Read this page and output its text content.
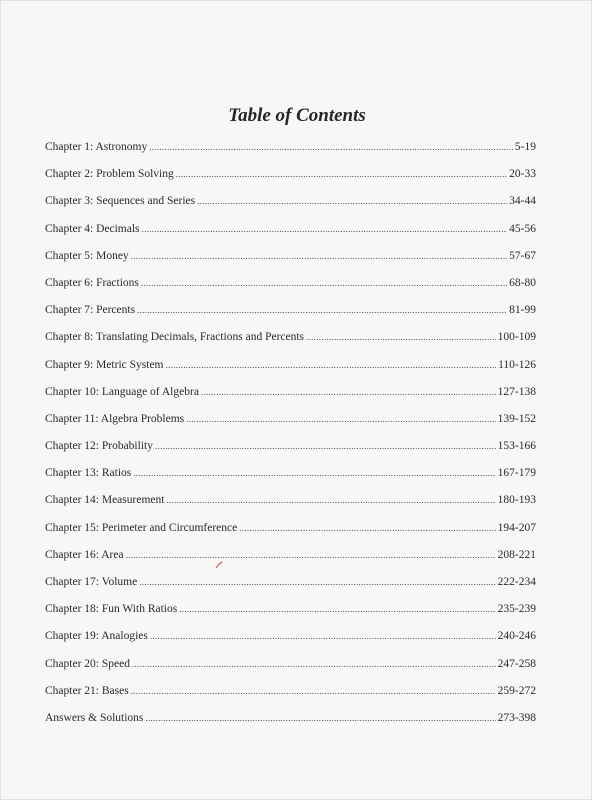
Table of Contents
Chapter 1: Astronomy .....	5-19
Chapter 2: Problem Solving .....	20-33
Chapter 3: Sequences and Series .....	34-44
Chapter 4: Decimals .....	45-56
Chapter 5: Money .....	57-67
Chapter 6: Fractions .....	68-80
Chapter 7: Percents .....	81-99
Chapter 8: Translating Decimals, Fractions and Percents .....	100-109
Chapter 9: Metric System .....	110-126
Chapter 10: Language of Algebra .....	127-138
Chapter 11: Algebra Problems .....	139-152
Chapter 12: Probability .....	153-166
Chapter 13: Ratios .....	167-179
Chapter 14: Measurement .....	180-193
Chapter 15: Perimeter and Circumference .....	194-207
Chapter 16: Area .....	208-221
Chapter 17: Volume .....	222-234
Chapter 18: Fun With Ratios .....	235-239
Chapter 19: Analogies .....	240-246
Chapter 20: Speed .....	247-258
Chapter 21: Bases .....	259-272
Answers & Solutions .....	273-398
